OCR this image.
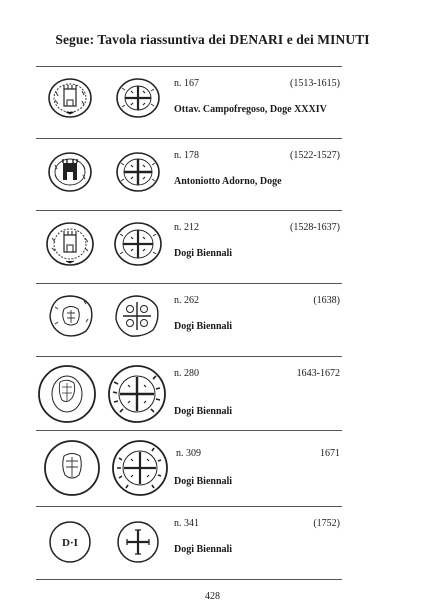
Segue: Tavola riassuntiva dei DENARI e dei MINUTI
n. 167	(1513-1615)
Ottav. Campofregoso, Doge XXXIV
n. 178	(1522-1527)
Antoniotto Adorno, Doge
n. 212	(1528-1637)
Dogi Biennali
n. 262	(1638)
Dogi Biennali
n. 280	1643-1672
Dogi Biennali
n. 309	1671
Dogi Biennali
D·I
n. 341	(1752)
Dogi Biennali
428
